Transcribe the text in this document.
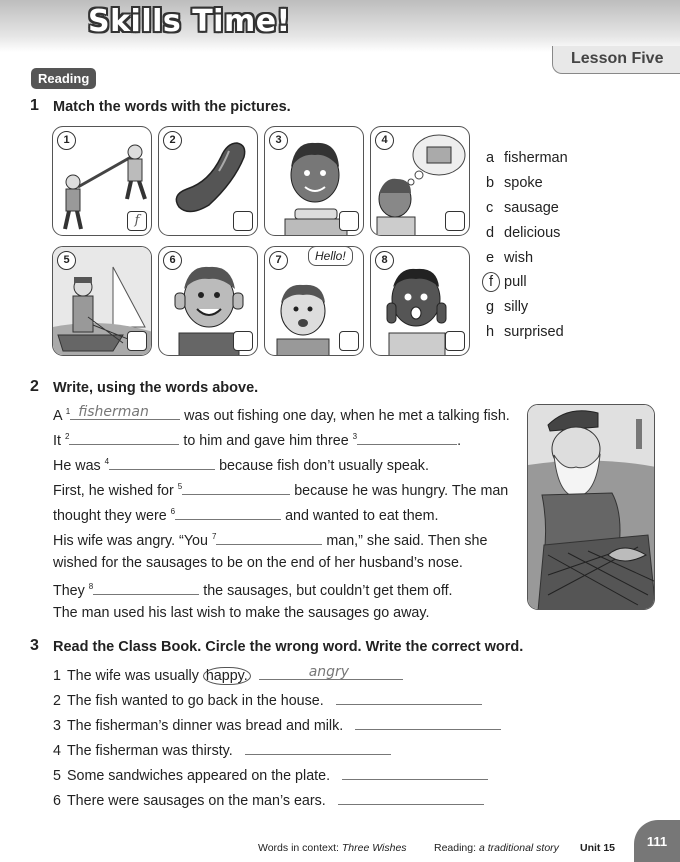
Skills Time!
Lesson Five
Reading
1 Match the words with the pictures.
1
f
2	3	4
5	6	7	Hello!	8
a fisherman
b spoke
c sausage
d delicious
e wish
f pull
g silly
h surprised
2 Write, using the words above.
A $^1$ fisherman was out fishing one day, when he met a talking fish.
It $^2$	to him and gave him three $^3$	.
He was $^4$	because fish don’t usually speak.
First, he wished for $^5$	because he was hungry. The man
thought they were $^6$	and wanted to eat them.
His wife was angry. “You $^7$	man,” she said. Then she
wished for the sausages to be on the end of her husband’s nose.
They $^8$	the sausages, but couldn’t get them off.
The man used his last wish to make the sausages go away.
3 Read the Class Book. Circle the wrong word. Write the correct word.
1 The wife was usually happy.	angry
2 The fish wanted to go back in the house.
3 The fisherman’s dinner was bread and milk.
4 The fisherman was thirsty.
5 Some sandwiches appeared on the plate.
6 There were sausages on the man’s ears.
Words in context: Three Wishes	Reading: a traditional story Unit 15	111
